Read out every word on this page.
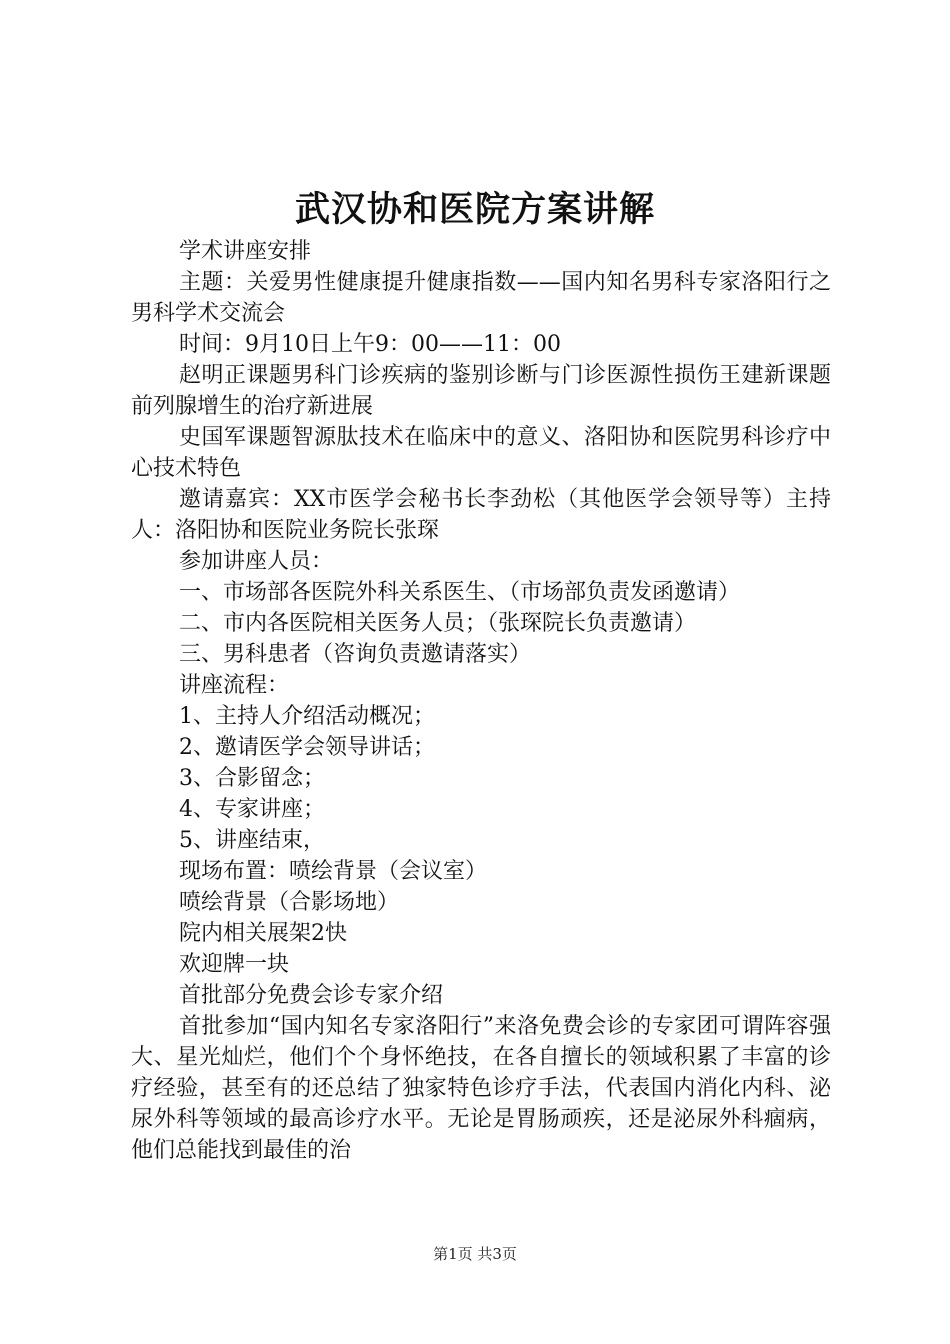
武汉协和医院方案讲解

学术讲座安排

主题：关爱男性健康提升健康指数——国内知名男科专家洛阳行之男科学术交流会

时间：9月10日上午9：00——11：00

赵明正课题男科门诊疾病的鉴别诊断与门诊医源性损伤王建新课题前列腺增生的治疗新进展

史国军课题智源肽技术在临床中的意义、洛阳协和医院男科诊疗中心技术特色

邀请嘉宾：XX市医学会秘书长李劲松（其他医学会领导等）主持人：洛阳协和医院业务院长张琛

参加讲座人员：

一、市场部各医院外科关系医生、（市场部负责发函邀请）

二、市内各医院相关医务人员；（张琛院长负责邀请）

三、男科患者（咨询负责邀请落实）

讲座流程：

1、主持人介绍活动概况；

2、邀请医学会领导讲话；

3、合影留念；

4、专家讲座；

5、讲座结束，

现场布置：喷绘背景（会议室）

喷绘背景（合影场地）

院内相关展架2快

欢迎牌一块

首批部分免费会诊专家介绍

首批参加“国内知名专家洛阳行”来洛免费会诊的专家团可谓阵容强大、星光灿烂，他们个个身怀绝技，在各自擅长的领域积累了丰富的诊疗经验，甚至有的还总结了独家特色诊疗手法，代表国内消化内科、泌尿外科等领域的最高诊疗水平。无论是胃肠顽疾，还是泌尿外科痼病，他们总能找到最佳的治

第1页 共3页
